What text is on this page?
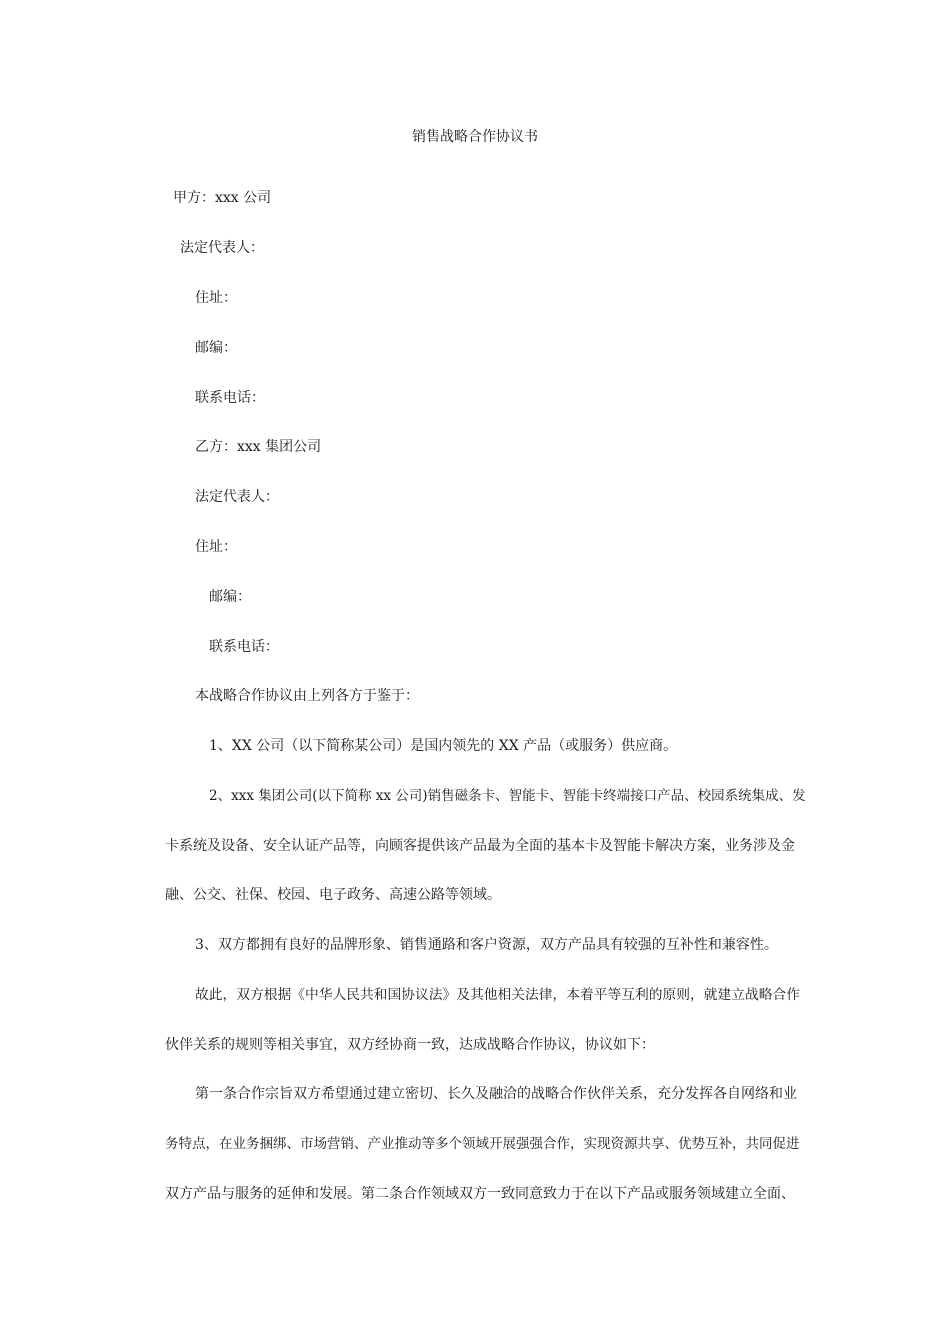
销售战略合作协议书
甲方：xxx 公司
法定代表人：
住址：
邮编：
联系电话：
乙方：xxx 集团公司
法定代表人：
住址：
邮编：
联系电话：
本战略合作协议由上列各方于鉴于：
1、XX 公司（以下简称某公司）是国内领先的 XX 产品（或服务）供应商。
2、xxx 集团公司(以下简称 xx 公司)销售磁条卡、智能卡、智能卡终端接口产品、校园系统集成、发
卡系统及设备、安全认证产品等，向顾客提供该产品最为全面的基本卡及智能卡解决方案，业务涉及金
融、公交、社保、校园、电子政务、高速公路等领域。
3、双方都拥有良好的品牌形象、销售通路和客户资源，双方产品具有较强的互补性和兼容性。
故此，双方根据《中华人民共和国协议法》及其他相关法律，本着平等互利的原则，就建立战略合作
伙伴关系的规则等相关事宜，双方经协商一致，达成战略合作协议，协议如下：
第一条合作宗旨双方希望通过建立密切、长久及融洽的战略合作伙伴关系，充分发挥各自网络和业
务特点，在业务捆绑、市场营销、产业推动等多个领域开展强强合作，实现资源共享、优势互补，共同促进
双方产品与服务的延伸和发展。第二条合作领域双方一致同意致力于在以下产品或服务领域建立全面、
